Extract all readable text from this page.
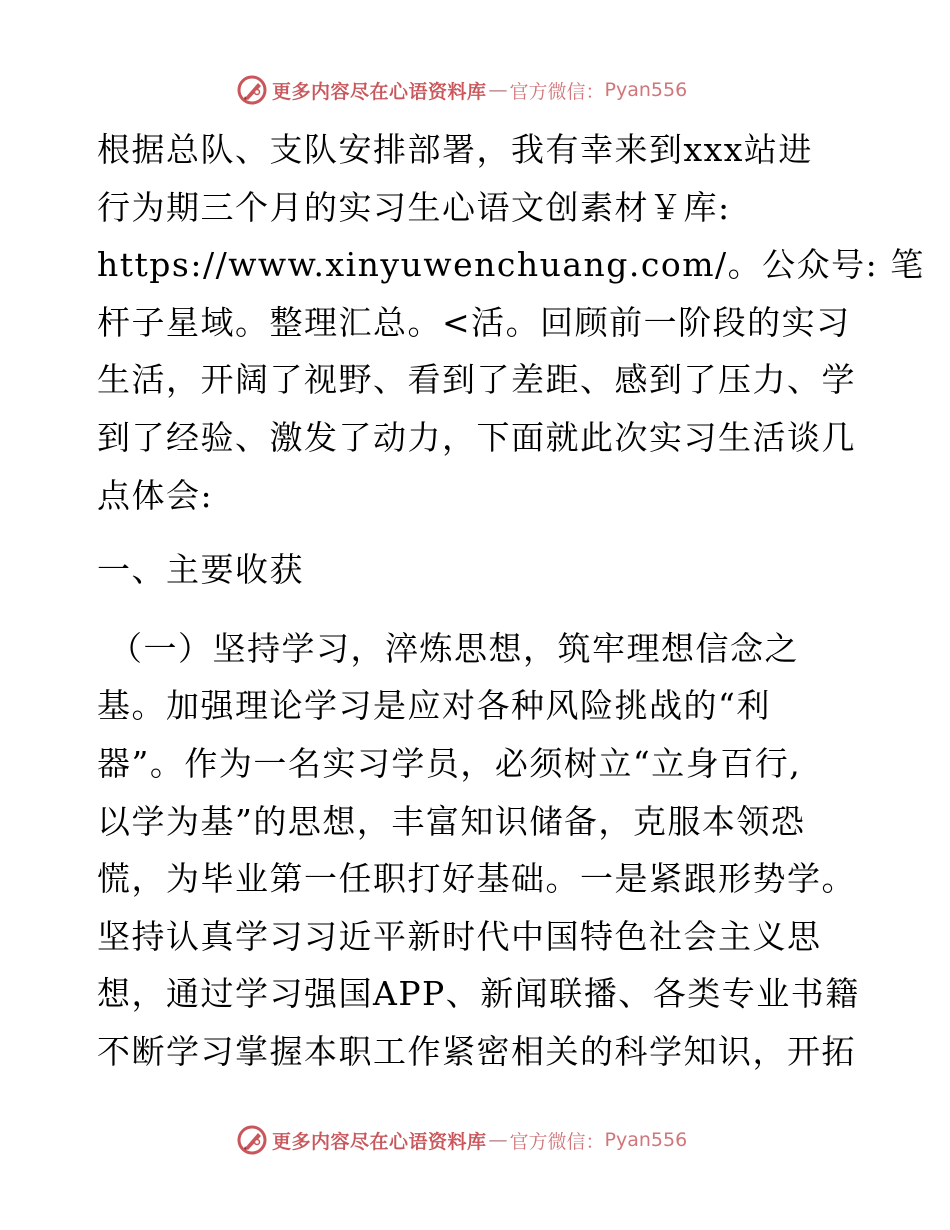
更多内容尽在心语资料库 — 官方微信： Pyan556
根据总队、支队安排部署，我有幸来到xxx站进
行为期三个月的实习生心语文创素材￥库:
https://www.xinyuwenchuang.com/。公众号: 笔
杆子星域。整理汇总。<活。回顾前一阶段的实习
生活，开阔了视野、看到了差距、感到了压力、学
到了经验、激发了动力，下面就此次实习生活谈几
点体会:
一、主要收获
（一）坚持学习，淬炼思想，筑牢理想信念之
基。加强理论学习是应对各种风险挑战的“利
器”。作为一名实习学员，必须树立“立身百行,
以学为基”的思想，丰富知识储备，克服本领恐
慌，为毕业第一任职打好基础。一是紧跟形势学。
坚持认真学习习近平新时代中国特色社会主义思
想，通过学习强国APP、新闻联播、各类专业书籍
不断学习掌握本职工作紧密相关的科学知识，开拓
更多内容尽在心语资料库 — 官方微信： Pyan556
